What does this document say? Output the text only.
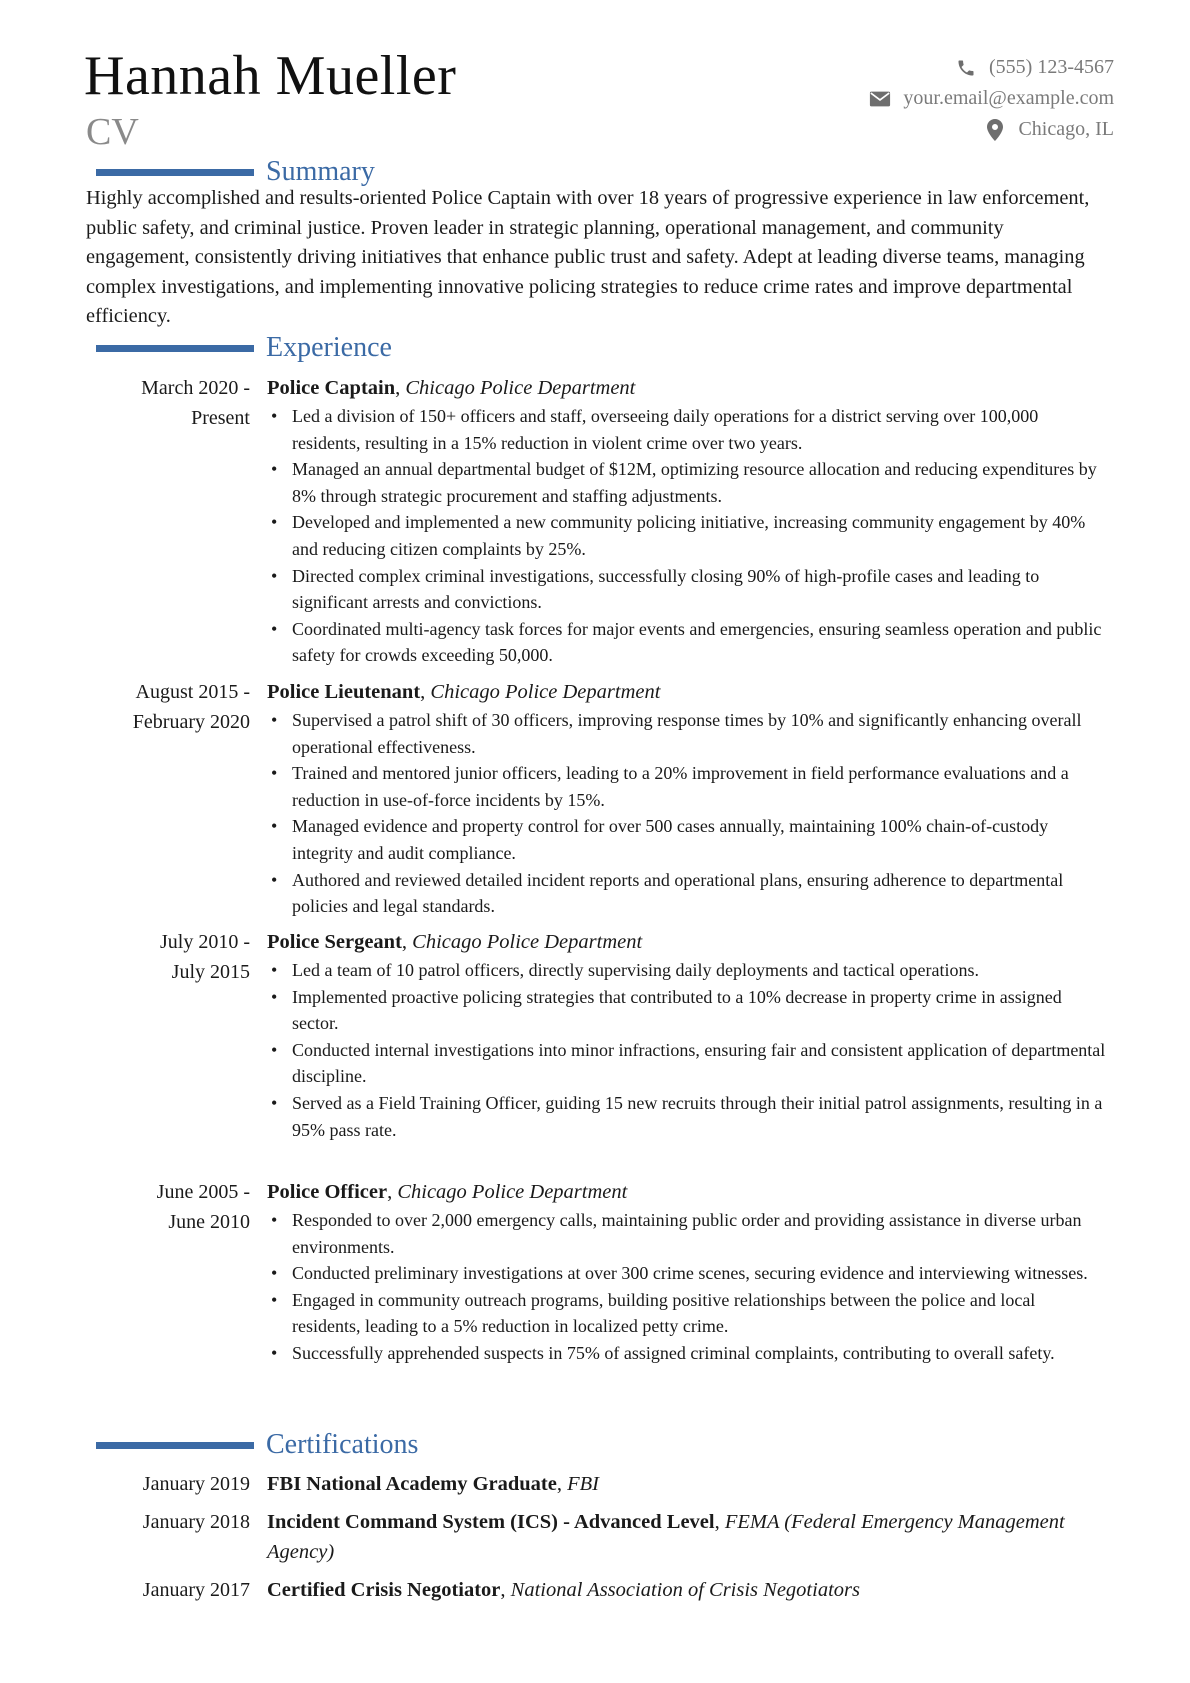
Hannah Mueller
CV
(555) 123-4567
your.email@example.com
Chicago, IL
Summary
Highly accomplished and results-oriented Police Captain with over 18 years of progressive experience in law enforcement, public safety, and criminal justice. Proven leader in strategic planning, operational management, and community engagement, consistently driving initiatives that enhance public trust and safety. Adept at leading diverse teams, managing complex investigations, and implementing innovative policing strategies to reduce crime rates and improve departmental efficiency.
Experience
March 2020 -
Present
Police Captain, Chicago Police Department
• Led a division of 150+ officers and staff, overseeing daily operations for a district serving over 100,000 residents, resulting in a 15% reduction in violent crime over two years.
• Managed an annual departmental budget of $12M, optimizing resource allocation and reducing expenditures by 8% through strategic procurement and staffing adjustments.
• Developed and implemented a new community policing initiative, increasing community engagement by 40% and reducing citizen complaints by 25%.
• Directed complex criminal investigations, successfully closing 90% of high-profile cases and leading to significant arrests and convictions.
• Coordinated multi-agency task forces for major events and emergencies, ensuring seamless operation and public safety for crowds exceeding 50,000.
August 2015 -
February 2020
Police Lieutenant, Chicago Police Department
• Supervised a patrol shift of 30 officers, improving response times by 10% and significantly enhancing overall operational effectiveness.
• Trained and mentored junior officers, leading to a 20% improvement in field performance evaluations and a reduction in use-of-force incidents by 15%.
• Managed evidence and property control for over 500 cases annually, maintaining 100% chain-of-custody integrity and audit compliance.
• Authored and reviewed detailed incident reports and operational plans, ensuring adherence to departmental policies and legal standards.
July 2010 -
July 2015
Police Sergeant, Chicago Police Department
• Led a team of 10 patrol officers, directly supervising daily deployments and tactical operations.
• Implemented proactive policing strategies that contributed to a 10% decrease in property crime in assigned sector.
• Conducted internal investigations into minor infractions, ensuring fair and consistent application of departmental discipline.
• Served as a Field Training Officer, guiding 15 new recruits through their initial patrol assignments, resulting in a 95% pass rate.
June 2005 -
June 2010
Police Officer, Chicago Police Department
• Responded to over 2,000 emergency calls, maintaining public order and providing assistance in diverse urban environments.
• Conducted preliminary investigations at over 300 crime scenes, securing evidence and interviewing witnesses.
• Engaged in community outreach programs, building positive relationships between the police and local residents, leading to a 5% reduction in localized petty crime.
• Successfully apprehended suspects in 75% of assigned criminal complaints, contributing to overall safety.
Certifications
January 2019 FBI National Academy Graduate, FBI
January 2018 Incident Command System (ICS) - Advanced Level, FEMA (Federal Emergency Management Agency)
January 2017 Certified Crisis Negotiator, National Association of Crisis Negotiators
